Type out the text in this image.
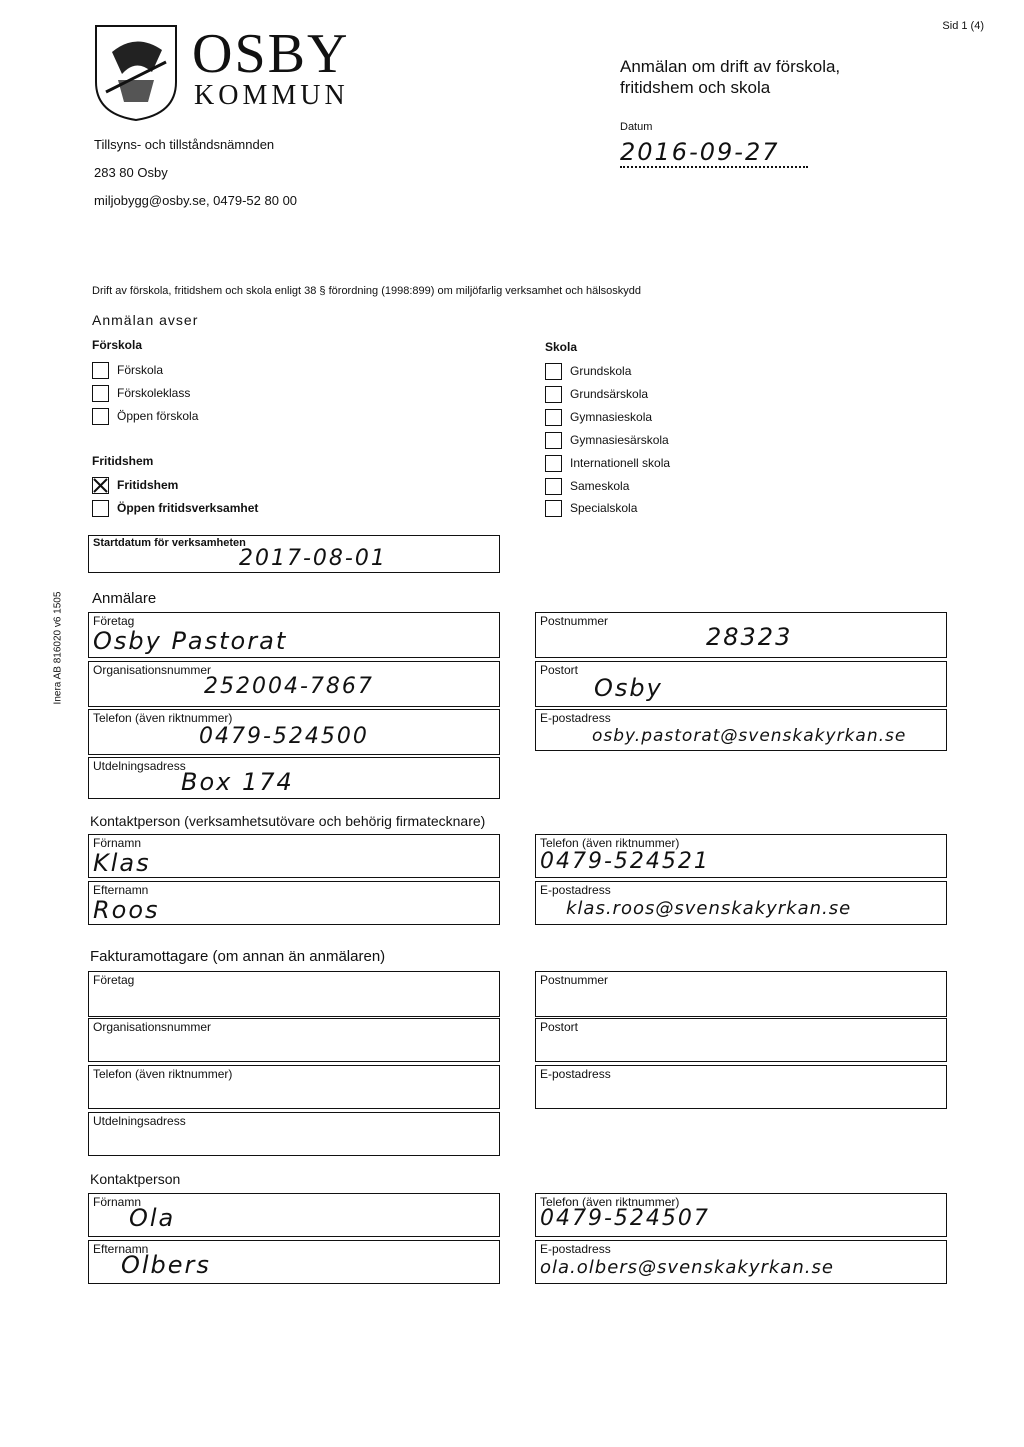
Sid 1 (4)
OSBY
KOMMUN
Tillsyns- och tillståndsnämnden
283 80 Osby
miljobygg@osby.se, 0479-52 80 00
Anmälan om drift av förskola,
fritidshem och skola
Datum
2016-09-27
Drift av förskola, fritidshem och skola enligt 38 § förordning (1998:899) om miljöfarlig verksamhet och hälsoskydd
Anmälan avser
Förskola
Förskola
Förskoleklass
Öppen förskola
Fritidshem
Fritidshem
Öppen fritidsverksamhet
Skola
Grundskola
Grundsärskola
Gymnasieskola
Gymnasiesärskola
Internationell skola
Sameskola
Specialskola
Startdatum för verksamheten
2017-08-01
Inera AB 816020 v6 1505 Anmälare
Företag
Osby Pastorat
Organisationsnummer
252004-7867
Telefon (även riktnummer)
0479-524500
Utdelningsadress
Box 174
Postnummer
28323
Postort
Osby
E-postadress
osby.pastorat@svenskakyrkan.se
Kontaktperson (verksamhetsutövare och behörig firmatecknare)
Förnamn
Klas
Efternamn
Roos
Telefon (även riktnummer)
0479-524521
E-postadress
klas.roos@svenskakyrkan.se
Fakturamottagare (om annan än anmälaren)
Företag
Organisationsnummer
Telefon (även riktnummer)
Utdelningsadress
Postnummer
Postort
E-postadress
Kontaktperson
Förnamn
Ola
Efternamn
Olbers
Telefon (även riktnummer)
0479-524507
E-postadress
ola.olbers@svenskakyrkan.se
